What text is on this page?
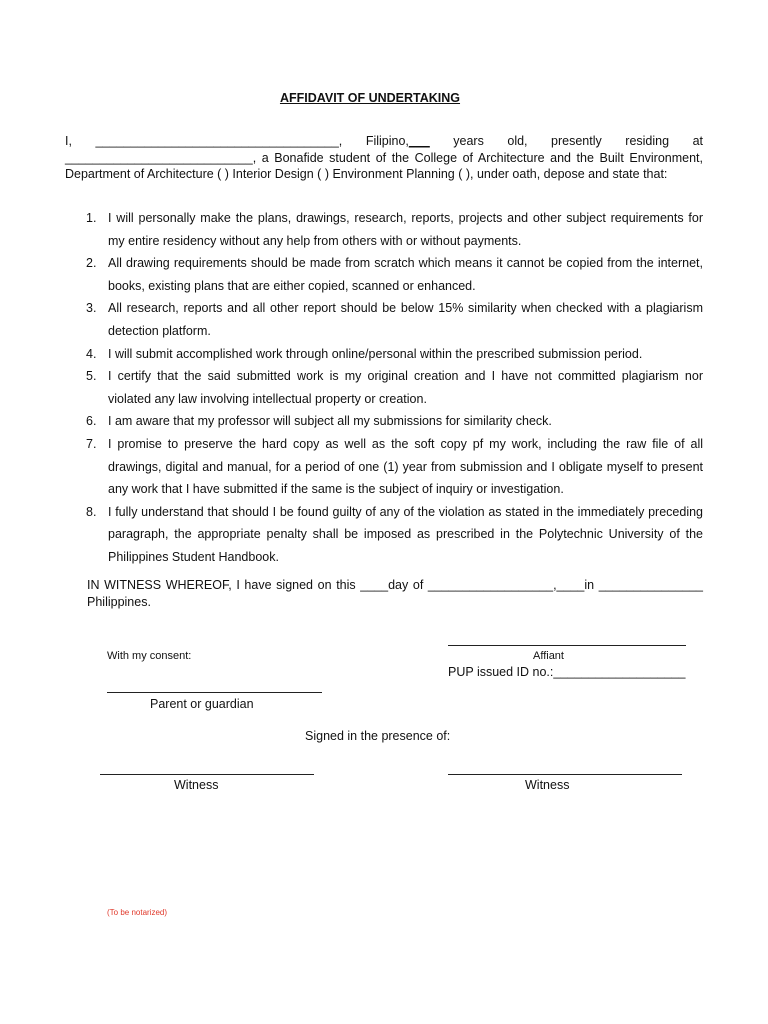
AFFIDAVIT OF UNDERTAKING
I, ___________________________________, Filipino,___ years old, presently residing at ___________________________, a Bonafide student of the College of Architecture and the Built Environment, Department of Architecture ( ) Interior Design ( ) Environment Planning ( ), under oath, depose and state that:
1. I will personally make the plans, drawings, research, reports, projects and other subject requirements for my entire residency without any help from others with or without payments.
2. All drawing requirements should be made from scratch which means it cannot be copied from the internet, books, existing plans that are either copied, scanned or enhanced.
3. All research, reports and all other report should be below 15% similarity when checked with a plagiarism detection platform.
4. I will submit accomplished work through online/personal within the prescribed submission period.
5. I certify that the said submitted work is my original creation and I have not committed plagiarism nor violated any law involving intellectual property or creation.
6. I am aware that my professor will subject all my submissions for similarity check.
7. I promise to preserve the hard copy as well as the soft copy pf my work, including the raw file of all drawings, digital and manual, for a period of one (1) year from submission and I obligate myself to present any work that I have submitted if the same is the subject of inquiry or investigation.
8. I fully understand that should I be found guilty of any of the violation as stated in the immediately preceding paragraph, the appropriate penalty shall be imposed as prescribed in the Polytechnic University of the Philippines Student Handbook.
IN WITNESS WHEREOF, I have signed on this ____day of __________________,____in _______________ Philippines.
With my consent:	Affiant
PUP issued ID no.:___________________
Parent or guardian
Signed in the presence of:
Witness	Witness
(To be notarized)
